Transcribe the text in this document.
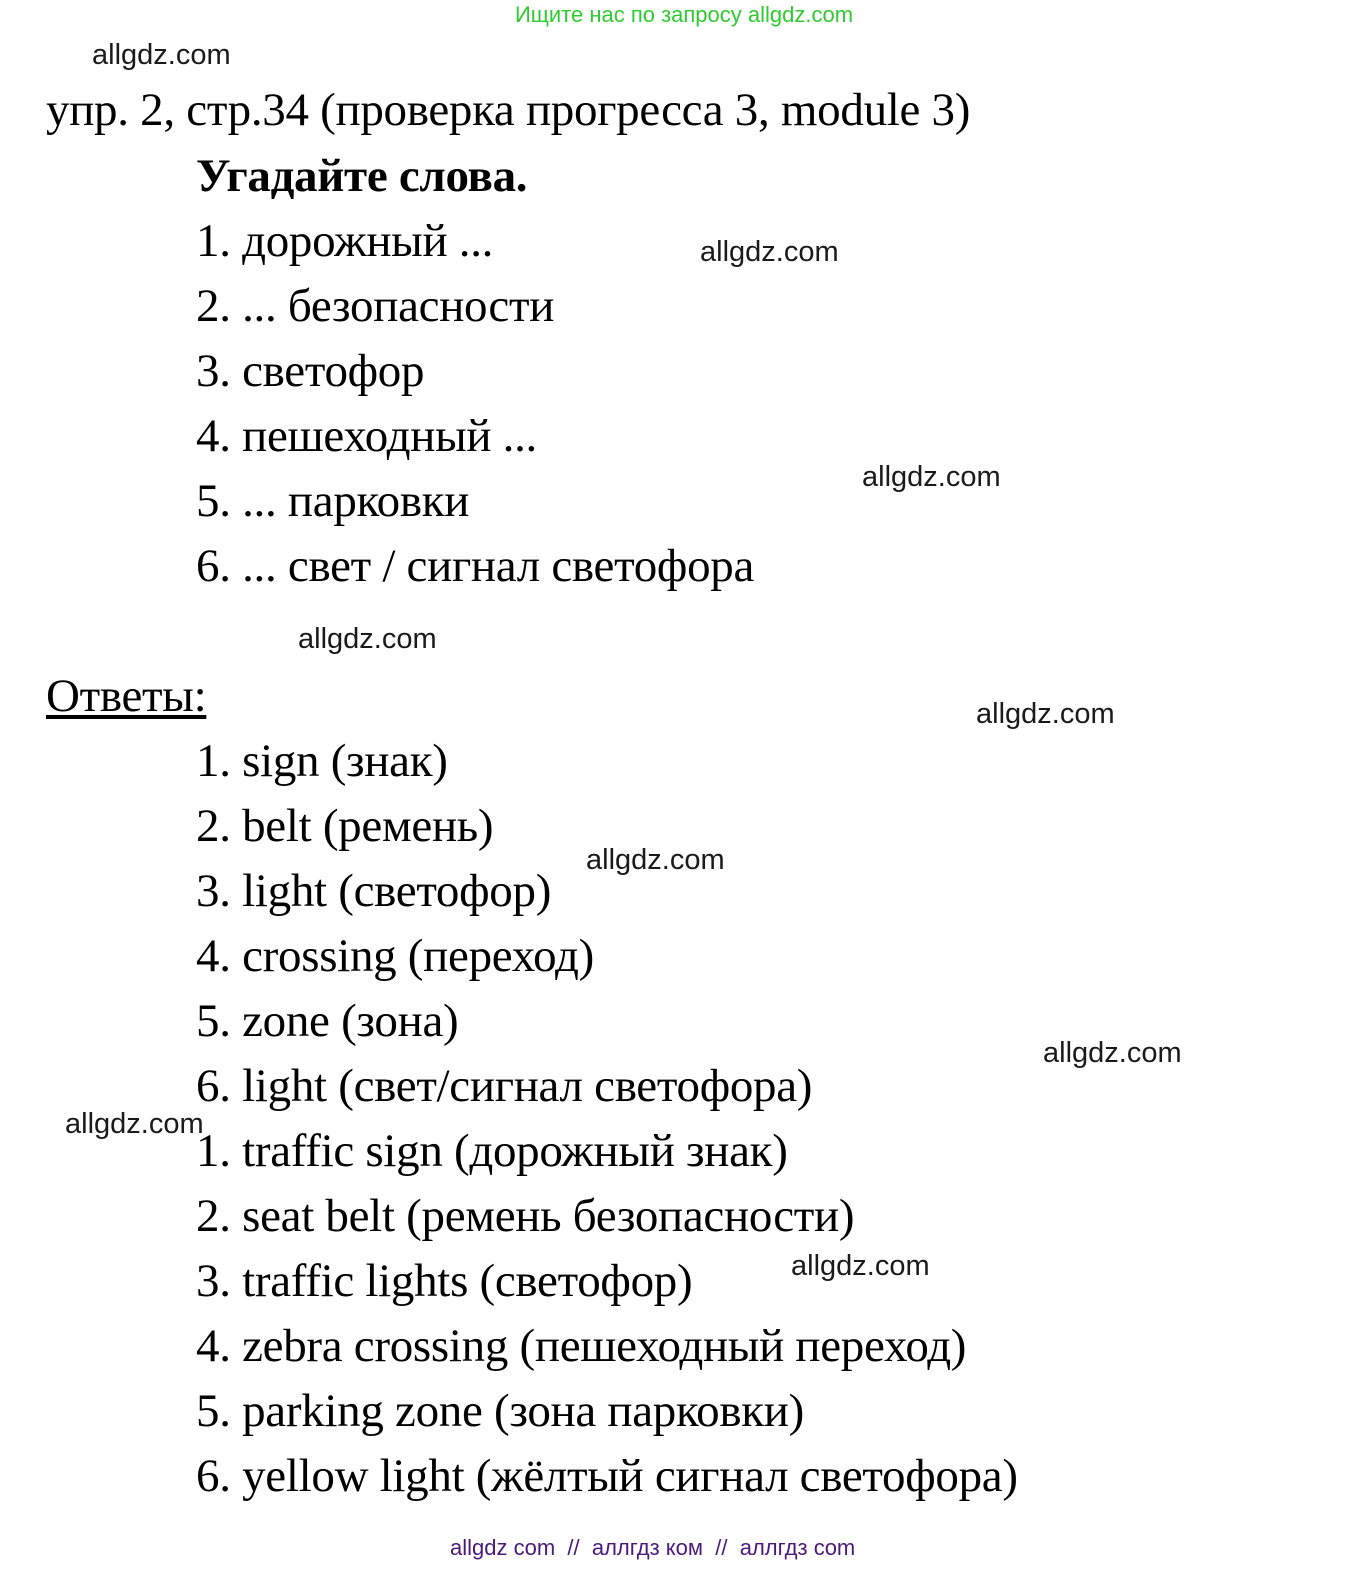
Ищите нас по запросу allgdz.com
упр. 2, стр.34 (проверка прогресса 3, module 3)
Угадайте слова.
1. дорожный ...
2. ... безопасности
3. светофор
4. пешеходный ...
5. ... парковки
6. ... свет / сигнал светофора
Ответы:
1. sign (знак)
2. belt (ремень)
3. light (светофор)
4. crossing (переход)
5. zone (зона)
6. light (свет/сигнал светофора)
1. traffic sign (дорожный знак)
2. seat belt (ремень безопасности)
3. traffic lights (светофор)
4. zebra crossing (пешеходный переход)
5. parking zone (зона парковки)
6. yellow light (жёлтый сигнал светофора)
allgdz.com
allgdz.com
allgdz.com
allgdz.com
allgdz.com
allgdz.com
allgdz.com
allgdz.com
allgdz.com
allgdz com  //  аллгдз ком  //  аллгдз com
